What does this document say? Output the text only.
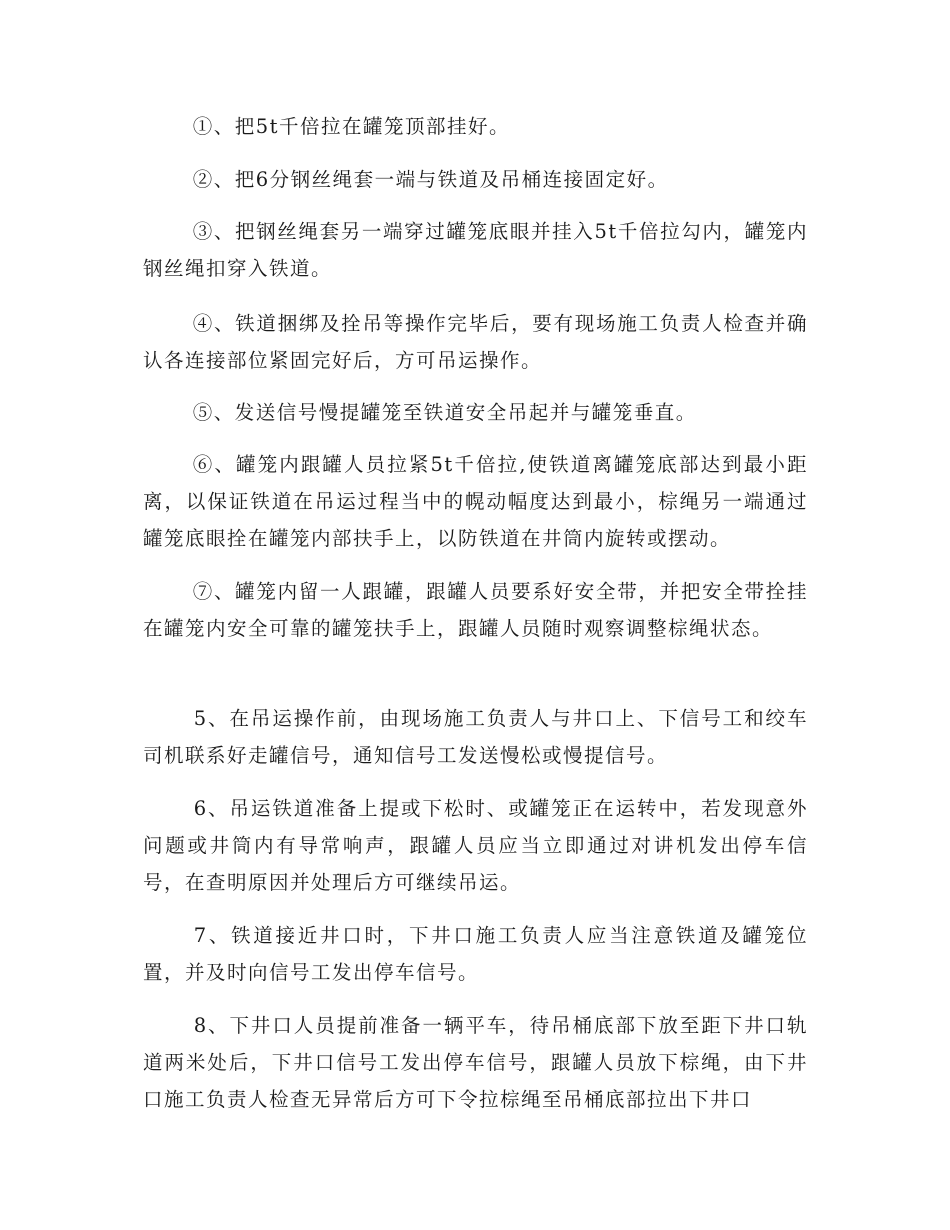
①、把5t千倍拉在罐笼顶部挂好。

②、把6分钢丝绳套一端与铁道及吊桶连接固定好。

③、把钢丝绳套另一端穿过罐笼底眼并挂入5t千倍拉勾内，罐笼内钢丝绳扣穿入铁道。

④、铁道捆绑及拴吊等操作完毕后，要有现场施工负责人检查并确认各连接部位紧固完好后，方可吊运操作。

⑤、发送信号慢提罐笼至铁道安全吊起并与罐笼垂直。

⑥、罐笼内跟罐人员拉紧5t千倍拉,使铁道离罐笼底部达到最小距离，以保证铁道在吊运过程当中的幌动幅度达到最小，棕绳另一端通过罐笼底眼拴在罐笼内部扶手上，以防铁道在井筒内旋转或摆动。

⑦、罐笼内留一人跟罐，跟罐人员要系好安全带，并把安全带拴挂在罐笼内安全可靠的罐笼扶手上，跟罐人员随时观察调整棕绳状态。

5、在吊运操作前，由现场施工负责人与井口上、下信号工和绞车司机联系好走罐信号，通知信号工发送慢松或慢提信号。

6、吊运铁道准备上提或下松时、或罐笼正在运转中，若发现意外问题或井筒内有导常响声，跟罐人员应当立即通过对讲机发出停车信号，在查明原因并处理后方可继续吊运。

7、铁道接近井口时，下井口施工负责人应当注意铁道及罐笼位置，并及时向信号工发出停车信号。

8、下井口人员提前准备一辆平车，待吊桶底部下放至距下井口轨道两米处后，下井口信号工发出停车信号，跟罐人员放下棕绳，由下井口施工负责人检查无异常后方可下令拉棕绳至吊桶底部拉出下井口
